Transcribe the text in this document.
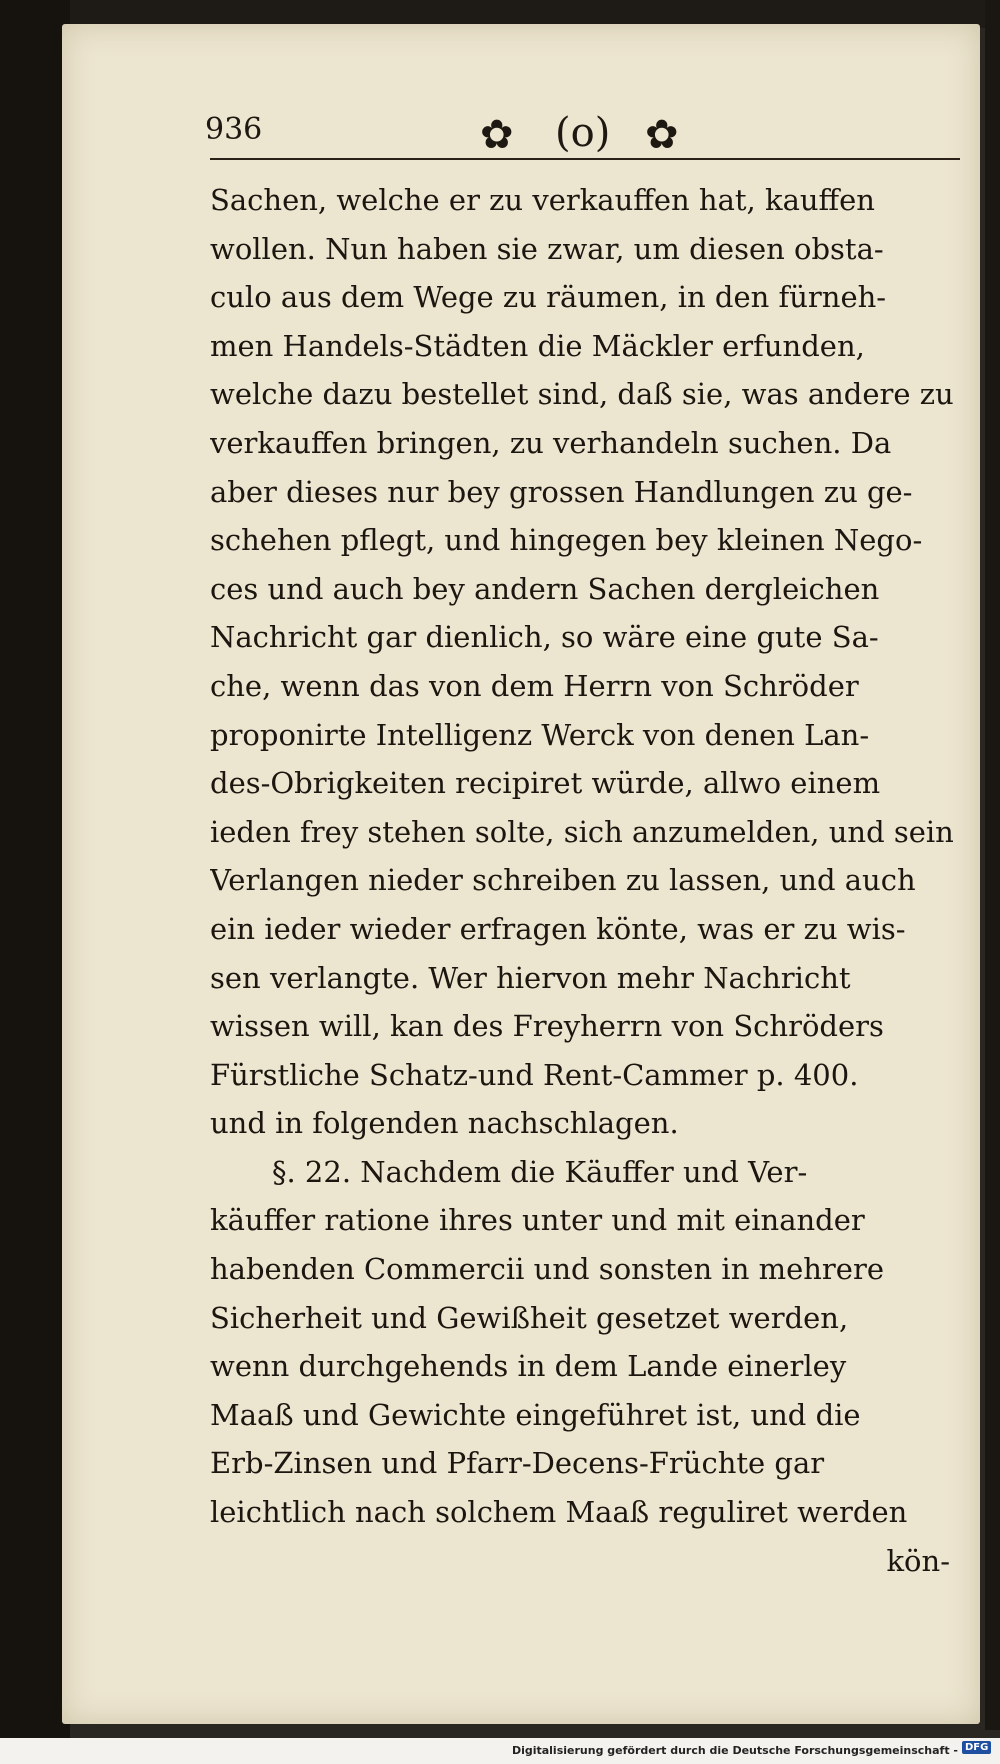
936	✿ (o) ✿
Sachen, welche er zu verkauffen hat, kauffen
wollen. Nun haben sie zwar, um diesen obsta-
culo aus dem Wege zu räumen, in den fürneh-
men Handels-Städten die Mäckler erfunden,
welche dazu bestellet sind, daß sie, was andere zu
verkauffen bringen, zu verhandeln suchen. Da
aber dieses nur bey grossen Handlungen zu ge-
schehen pflegt, und hingegen bey kleinen Nego-
ces und auch bey andern Sachen dergleichen
Nachricht gar dienlich, so wäre eine gute Sa-
che, wenn das von dem Herrn von Schröder
proponirte Intelligenz Werck von denen Lan-
des-Obrigkeiten recipiret würde, allwo einem
ieden frey stehen solte, sich anzumelden, und sein
Verlangen nieder schreiben zu lassen, und auch
ein ieder wieder erfragen könte, was er zu wis-
sen verlangte. Wer hiervon mehr Nachricht
wissen will, kan des Freyherrn von Schröders
Fürstliche Schatz-und Rent-Cammer p. 400.
und in folgenden nachschlagen.
§. 22. Nachdem die Käuffer und Ver-
käuffer ratione ihres unter und mit einander
habenden Commercii und sonsten in mehrere
Sicherheit und Gewißheit gesetzet werden,
wenn durchgehends in dem Lande einerley
Maaß und Gewichte eingeführet ist, und die
Erb-Zinsen und Pfarr-Decens-Früchte gar
leichtlich nach solchem Maaß reguliret werden
kön-
Digitalisierung gefördert durch die Deutsche Forschungsgemeinschaft - DFG
